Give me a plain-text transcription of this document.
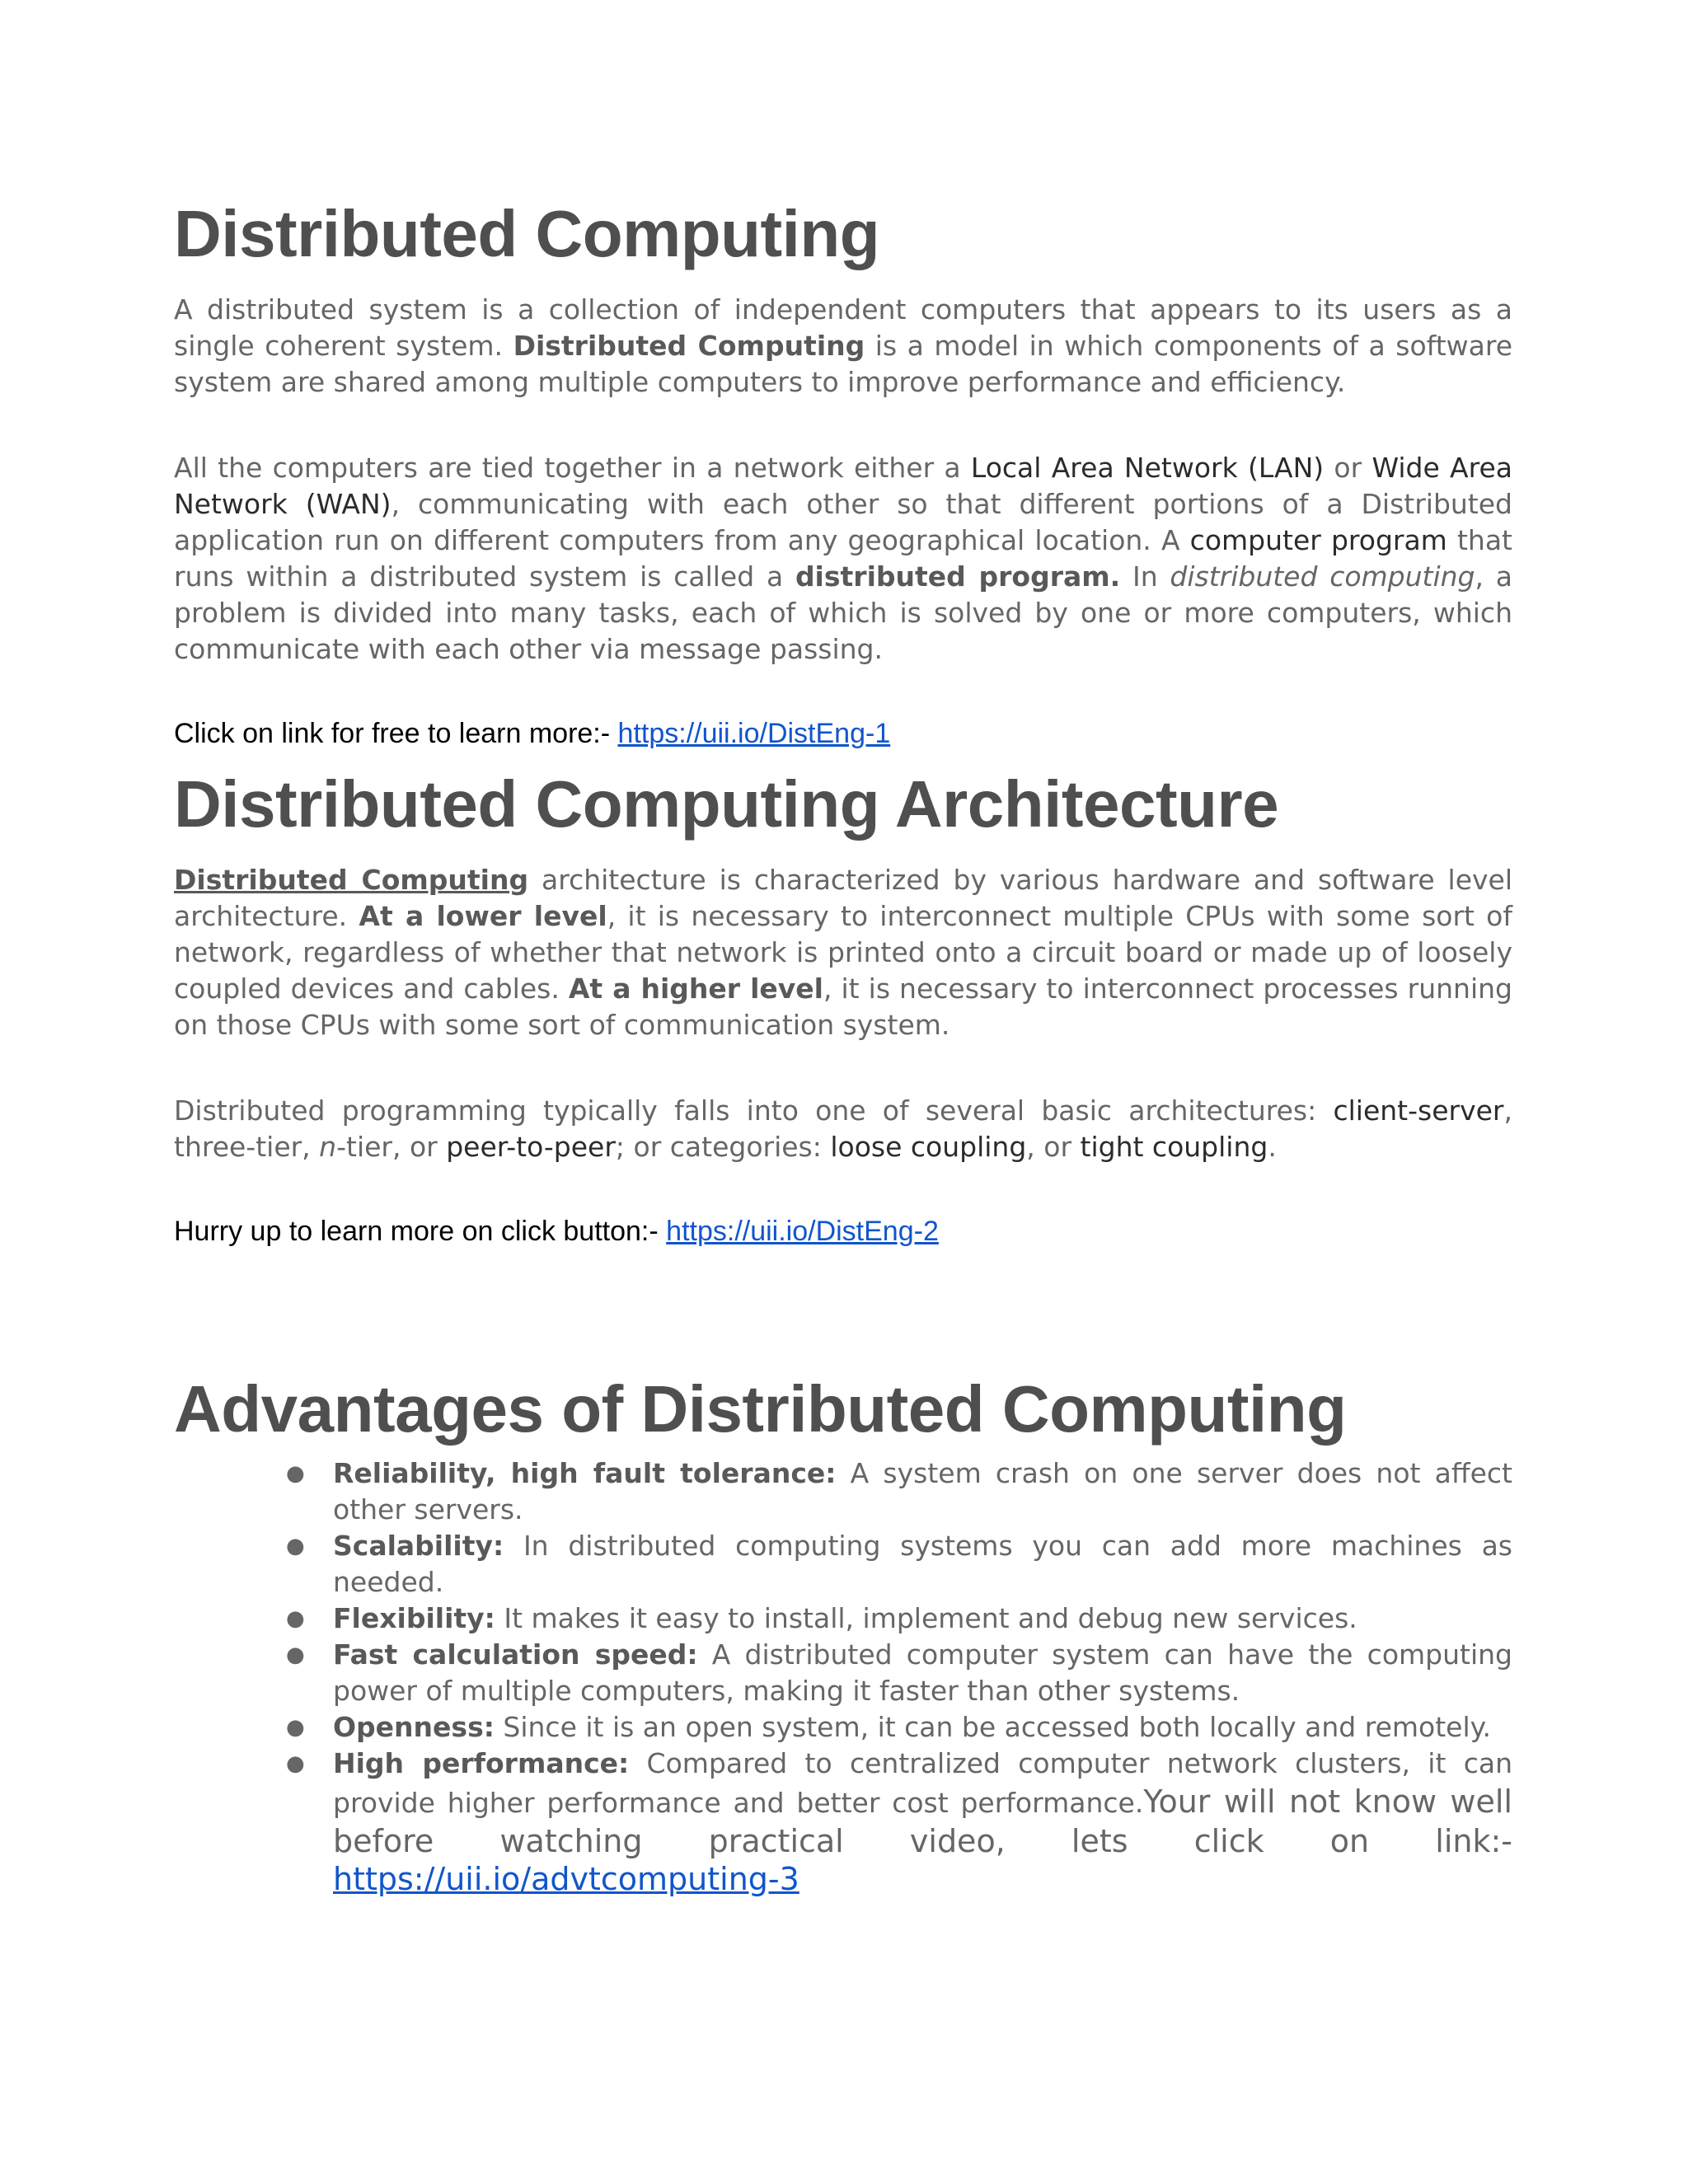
Distributed Computing

A distributed system is a collection of independent computers that appears to its users as a single coherent system. Distributed Computing is a model in which components of a software system are shared among multiple computers to improve performance and efficiency.

All the computers are tied together in a network either a Local Area Network (LAN) or Wide Area Network (WAN), communicating with each other so that different portions of a Distributed application run on different computers from any geographical location. A computer program that runs within a distributed system is called a distributed program. In distributed computing, a problem is divided into many tasks, each of which is solved by one or more computers, which communicate with each other via message passing.

Click on link for free to learn more:- https://uii.io/DistEng-1

Distributed Computing Architecture

Distributed Computing architecture is characterized by various hardware and software level architecture. At a lower level, it is necessary to interconnect multiple CPUs with some sort of network, regardless of whether that network is printed onto a circuit board or made up of loosely coupled devices and cables. At a higher level, it is necessary to interconnect processes running on those CPUs with some sort of communication system.

Distributed programming typically falls into one of several basic architectures: client-server, three-tier, n-tier, or peer-to-peer; or categories: loose coupling, or tight coupling.

Hurry up to learn more on click button:- https://uii.io/DistEng-2

Advantages of Distributed Computing
● Reliability, high fault tolerance: A system crash on one server does not affect other servers.
● Scalability: In distributed computing systems you can add more machines as needed.
● Flexibility: It makes it easy to install, implement and debug new services.
● Fast calculation speed: A distributed computer system can have the computing power of multiple computers, making it faster than other systems.
● Openness: Since it is an open system, it can be accessed both locally and remotely.
● High performance: Compared to centralized computer network clusters, it can provide higher performance and better cost performance.Your will not know well before watching practical video, lets click on link:- https://uii.io/advtcomputing-3
